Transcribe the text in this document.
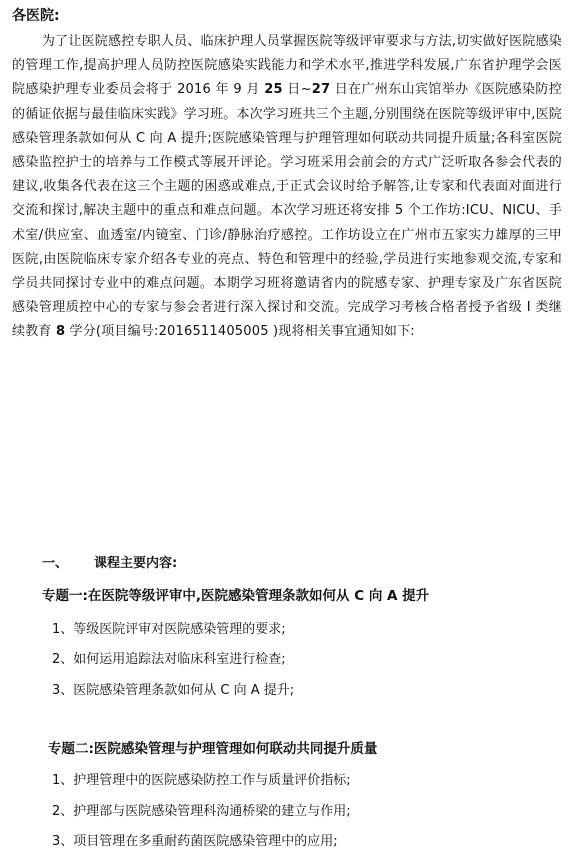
各医院:
为了让医院感控专职人员、临床护理人员掌握医院等级评审要求与方法,切实做好医院感染的管理工作,提高护理人员防控医院感染实践能力和学术水平,推进学科发展,广东省护理学会医院感染护理专业委员会将于 2016 年 9 月 25 日~27 日在广州东山宾馆举办《医院感染防控的循证依据与最佳临床实践》学习班。本次学习班共三个主题,分别围绕在医院等级评审中,医院感染管理条款如何从 C 向 A 提升;医院感染管理与护理管理如何联动共同提升质量;各科室医院感染监控护士的培养与工作模式等展开评论。学习班采用会前会的方式广泛听取各参会代表的建议,收集各代表在这三个主题的困惑或难点,于正式会议时给予解答,让专家和代表面对面进行交流和探讨,解决主题中的重点和难点问题。本次学习班还将安排 5 个工作坊:ICU、NICU、手术室/供应室、血透室/内镜室、门诊/静脉治疗感控。工作坊设立在广州市五家实力雄厚的三甲医院,由医院临床专家介绍各专业的亮点、特色和管理中的经验,学员进行实地参观交流,专家和学员共同探讨专业中的难点问题。本期学习班将邀请省内的院感专家、护理专家及广东省医院感染管理质控中心的专家与参会者进行深入探讨和交流。完成学习考核合格者授予省级 I 类继续教育 8 学分(项目编号:2016511405005 )现将相关事宜通知如下:
一、 课程主要内容:
专题一:在医院等级评审中,医院感染管理条款如何从 C 向 A 提升
1、等级医院评审对医院感染管理的要求;
2、如何运用追踪法对临床科室进行检查;
3、医院感染管理条款如何从 C 向 A 提升;
专题二:医院感染管理与护理管理如何联动共同提升质量
1、护理管理中的医院感染防控工作与质量评价指标;
2、护理部与医院感染管理科沟通桥梁的建立与作用;
3、项目管理在多重耐药菌医院感染管理中的应用;
